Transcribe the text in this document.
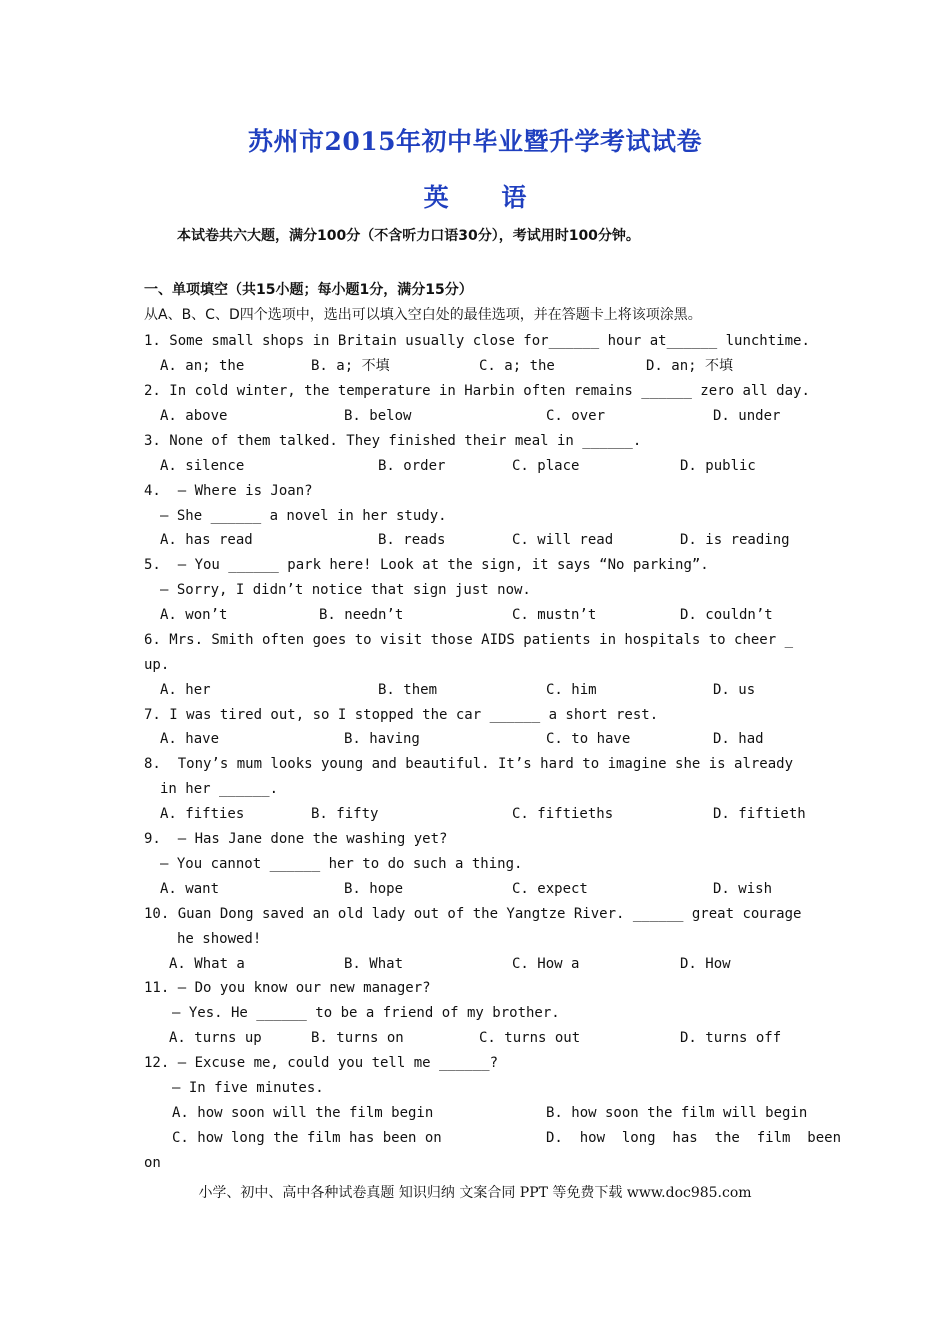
苏州市2015年初中毕业暨升学考试试卷
英 语
本试卷共六大题，满分100分（不含听力口语30分），考试用时100分钟。
一、单项填空（共15小题；每小题1分，满分15分）
从A、B、C、D四个选项中，选出可以填入空白处的最佳选项，并在答题卡上将该项涂黑。
1. Some small shops in Britain usually close for______ hour at______ lunchtime.
A. an; the	B. a; 不填	C. a; the	D. an; 不填
2. In cold winter, the temperature in Harbin often remains ______ zero all day.
A. above	B. below	C. over	D. under
3. None of them talked. They finished their meal in ______.
A. silence	B. order	C. place	D. public
4.  — Where is Joan?
— She ______ a novel in her study.
A. has read	B. reads	C. will read	D. is reading
5.  — You ______ park here! Look at the sign, it says “No parking”.
— Sorry, I didn’t notice that sign just now.
A. won’t	B. needn’t	C. mustn’t	D. couldn’t
6. Mrs. Smith often goes to visit those AIDS patients in hospitals to cheer _
up.
A. her	B. them	C. him	D. us
7. I was tired out, so I stopped the car ______ a short rest.
A. have	B. having	C. to have	D. had
8.  Tony’s mum looks young and beautiful. It’s hard to imagine she is already
in her ______.
A. fifties	B. fifty	C. fiftieths	D. fiftieth
9.  — Has Jane done the washing yet?
— You cannot ______ her to do such a thing.
A. want	B. hope	C. expect	D. wish
10. Guan Dong saved an old lady out of the Yangtze River. ______ great courage
he showed!
A. What a	B. What	C. How a	D. How
11. — Do you know our new manager?
— Yes. He ______ to be a friend of my brother.
A. turns up	B. turns on	C. turns out	D. turns off
12. — Excuse me, could you tell me ______?
— In five minutes.
A. how soon will the film begin	B. how soon the film will begin
C. how long the film has been on	D.  how  long  has  the  film  been
on
小学、初中、高中各种试卷真题 知识归纳 文案合同 PPT 等免费下载 www.doc985.com
